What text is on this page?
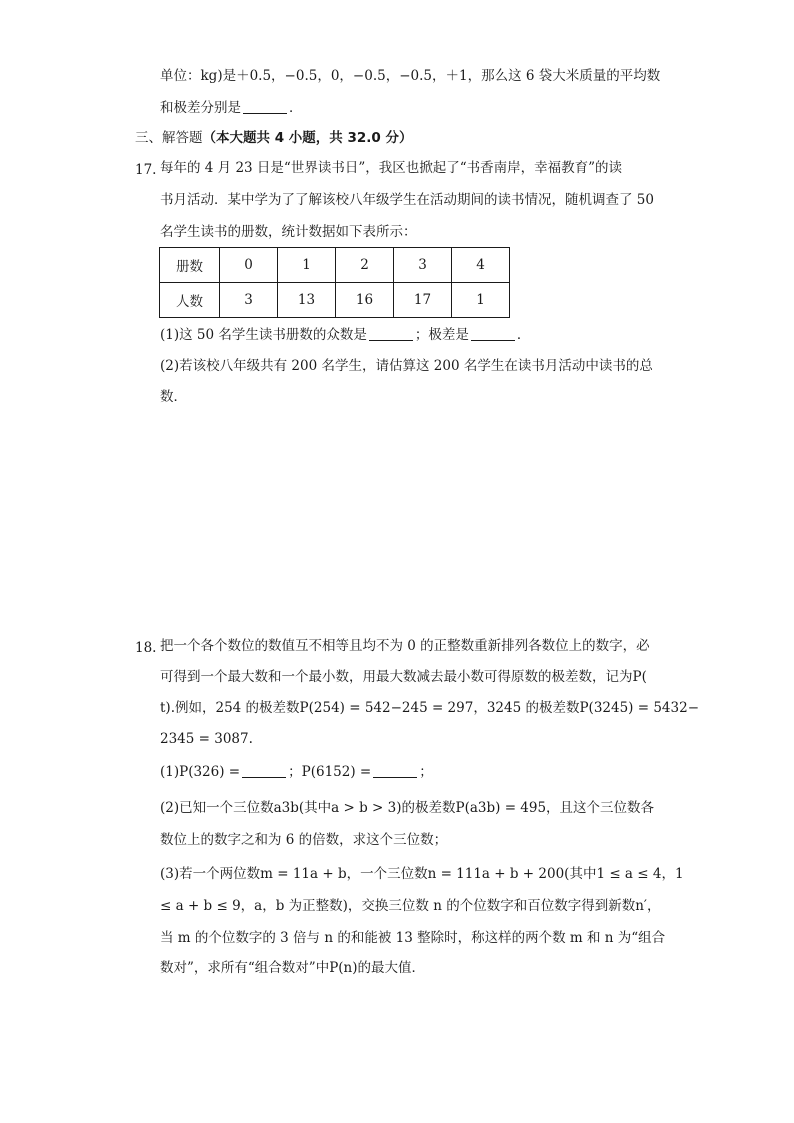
单位：kg)是＋0.5，−0.5，0，−0.5，−0.5，＋1，那么这 6 袋大米质量的平均数
和极差分别是	．
三、解答题（本大题共 4 小题，共 32.0 分）
17. 每年的 4 月 23 日是“世界读书日”，我区也掀起了“书香南岸，幸福教育”的读
书月活动．某中学为了了解该校八年级学生在活动期间的读书情况，随机调查了 50
名学生读书的册数，统计数据如下表所示：
册数	0	1	2	3	4
人数	3	13	16	17	1
(1)这 50 名学生读书册数的众数是	；极差是	．
(2)若该校八年级共有 200 名学生，请估算这 200 名学生在读书月活动中读书的总
数．
18. 把一个各个数位的数值互不相等且均不为 0 的正整数重新排列各数位上的数字，必
可得到一个最大数和一个最小数，用最大数减去最小数可得原数的极差数，记为P(
t).例如，254 的极差数P(254) = 542−245 = 297，3245 的极差数P(3245) = 5432−
2345 = 3087.
(1)P(326) =	；P(6152) =	；
(2)已知一个三位数a3b(其中a > b > 3)的极差数P(a3b) = 495，且这个三位数各
数位上的数字之和为 6 的倍数，求这个三位数；
(3)若一个两位数m = 11a + b，一个三位数n = 111a + b + 200(其中1 ≤ a ≤ 4，1
≤ a + b ≤ 9，a，b 为正整数)，交换三位数 n 的个位数字和百位数字得到新数n′，
当 m 的个位数字的 3 倍与 n 的和能被 13 整除时，称这样的两个数 m 和 n 为“组合
数对”，求所有“组合数对”中P(n)的最大值．
